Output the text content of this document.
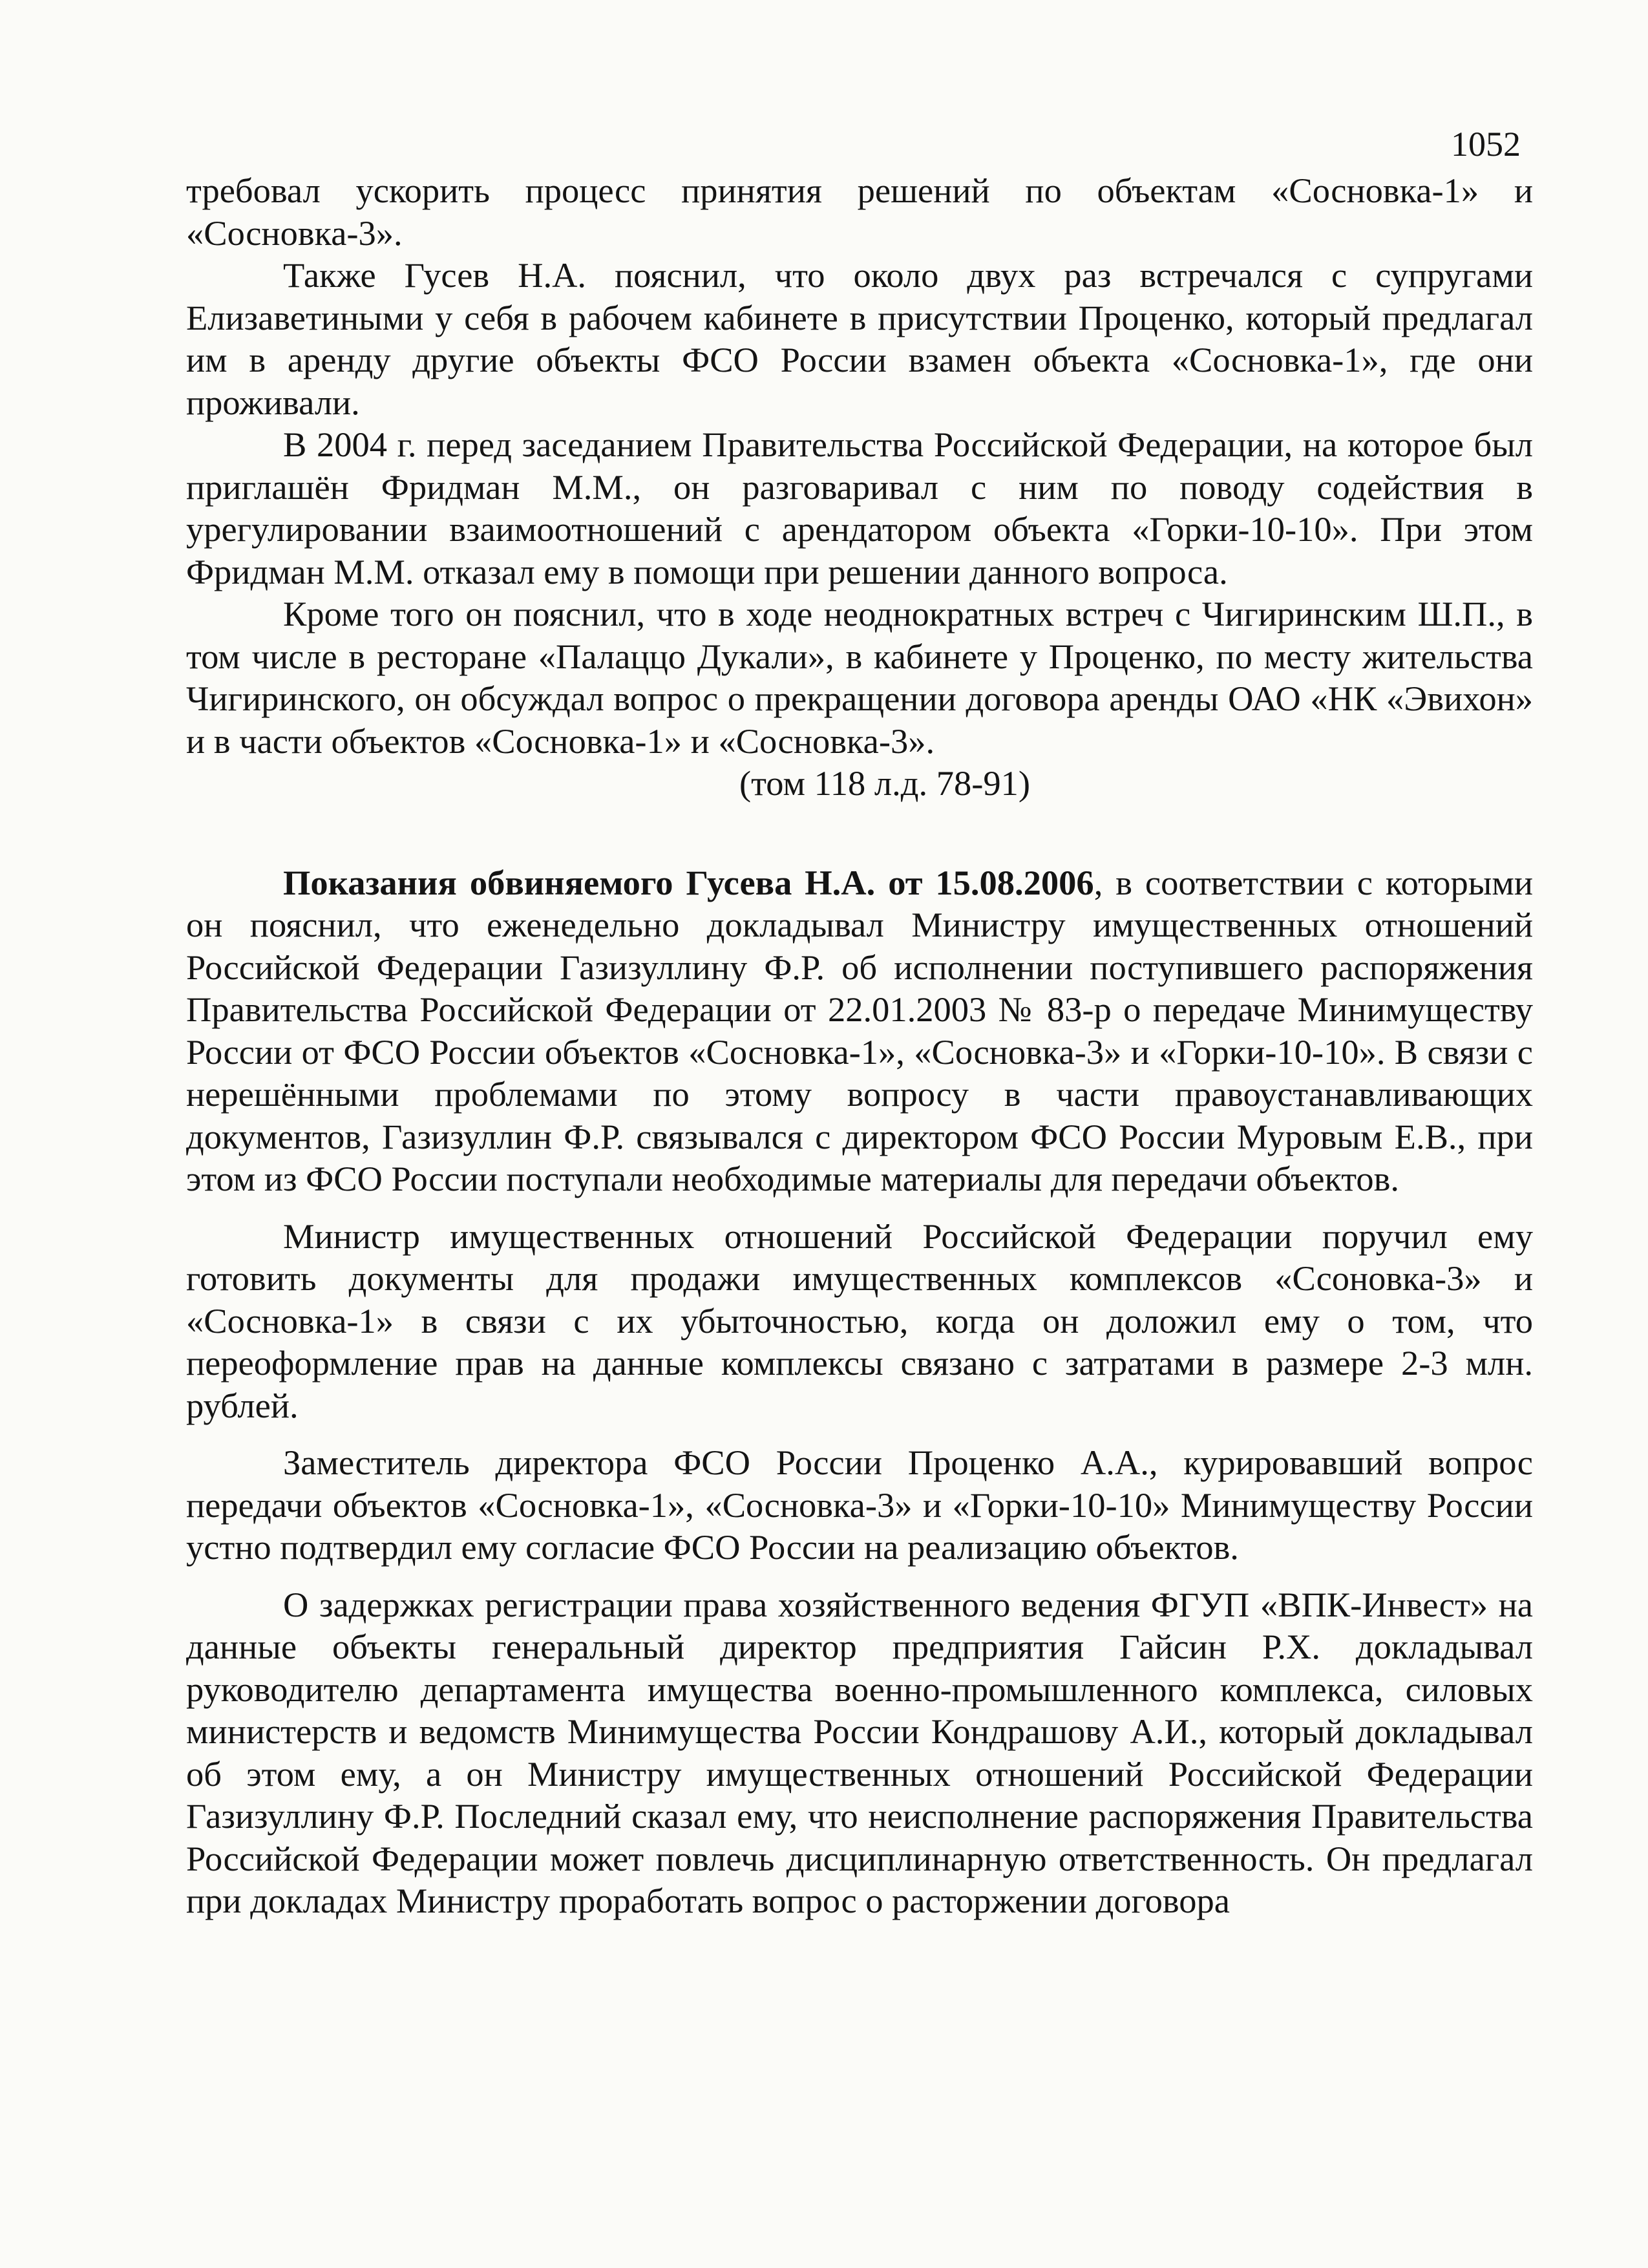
1052

требовал ускорить процесс принятия решений по объектам «Сосновка-1» и «Сосновка-3».

Также Гусев Н.А. пояснил, что около двух раз встречался с супругами Елизаветиными у себя в рабочем кабинете в присутствии Проценко, который предлагал им в аренду другие объекты ФСО России взамен объекта «Сосновка-1», где они проживали.

В 2004 г. перед заседанием Правительства Российской Федерации, на которое был приглашён Фридман М.М., он разговаривал с ним по поводу содействия в урегулировании взаимоотношений с арендатором объекта «Горки-10-10». При этом Фридман М.М. отказал ему в помощи при решении данного вопроса.

Кроме того он пояснил, что в ходе неоднократных встреч с Чигиринским Ш.П., в том числе в ресторане «Палаццо Дукали», в кабинете у Проценко, по месту жительства Чигиринского, он обсуждал вопрос о прекращении договора аренды ОАО «НК «Эвихон» и в части объектов «Сосновка-1» и «Сосновка-3».

(том 118 л.д. 78-91)

Показания обвиняемого Гусева Н.А. от 15.08.2006, в соответствии с которыми он пояснил, что еженедельно докладывал Министру имущественных отношений Российской Федерации Газизуллину Ф.Р. об исполнении поступившего распоряжения Правительства Российской Федерации от 22.01.2003 № 83-р о передаче Минимуществу России от ФСО России объектов «Сосновка-1», «Сосновка-3» и «Горки-10-10». В связи с нерешёнными проблемами по этому вопросу в части правоустанавливающих документов, Газизуллин Ф.Р. связывался с директором ФСО России Муровым Е.В., при этом из ФСО России поступали необходимые материалы для передачи объектов.

Министр имущественных отношений Российской Федерации поручил ему готовить документы для продажи имущественных комплексов «Ссоновка-3» и «Сосновка-1» в связи с их убыточностью, когда он доложил ему о том, что переоформление прав на данные комплексы связано с затратами в размере 2-3 млн. рублей.

Заместитель директора ФСО России Проценко А.А., курировавший вопрос передачи объектов «Сосновка-1», «Сосновка-3» и «Горки-10-10» Минимуществу России устно подтвердил ему согласие ФСО России на реализацию объектов.

О задержках регистрации права хозяйственного ведения ФГУП «ВПК-Инвест» на данные объекты генеральный директор предприятия Гайсин Р.Х. докладывал руководителю департамента имущества военно-промышленного комплекса, силовых министерств и ведомств Минимущества России Кондрашову А.И., который докладывал об этом ему, а он Министру имущественных отношений Российской Федерации Газизуллину Ф.Р. Последний сказал ему, что неисполнение распоряжения Правительства Российской Федерации может повлечь дисциплинарную ответственность. Он предлагал при докладах Министру проработать вопрос о расторжении договора
